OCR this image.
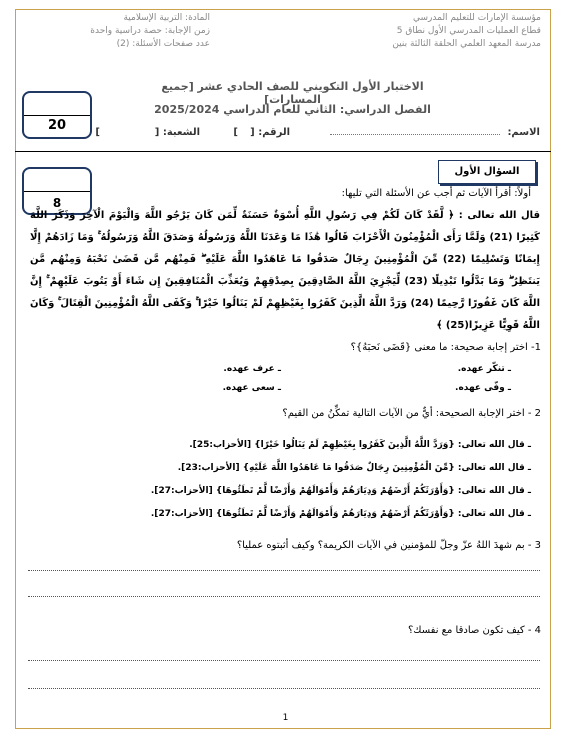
مؤسسة الإمارات للتعليم المدرسي
قطاع العمليات المدرسي الأول نطاق 5
مدرسة المعهد العلمي الحلقة الثالثة بنين
المادة: التربية الإسلامية
زمن الإجابة: حصة دراسية واحدة
عدد صفحات الأسئلة: (2)
الاختبار الأول التكويني للصف الحادي عشر [جميع المسارات]
الفصل الدراسي: الثاني للعام الدراسي 2025/2024
20	الاسم:
الرقم: [
]
الشعبة: [
]
السؤال الأول
8
أولاً: أقرأ الآيات ثم أجب عن الأسئلة التي تليها:
قال الله تعالى : ﴿ لَّقَدْ كَانَ لَكُمْ فِي رَسُولِ اللَّهِ أُسْوَةٌ حَسَنَةٌ لِّمَن كَانَ يَرْجُو اللَّهَ وَالْيَوْمَ الْآخِرَ وَذَكَرَ اللَّهَ كَثِيرًا (21) وَلَمَّا رَأَى الْمُؤْمِنُونَ الْأَحْزَابَ قَالُوا هَٰذَا مَا وَعَدَنَا اللَّهُ وَرَسُولُهُ وَصَدَقَ اللَّهُ وَرَسُولُهُ ۚ وَمَا زَادَهُمْ إِلَّا إِيمَانًا وَتَسْلِيمًا (22) مِّنَ الْمُؤْمِنِينَ رِجَالٌ صَدَقُوا مَا عَاهَدُوا اللَّهَ عَلَيْهِ ۖ فَمِنْهُم مَّن قَضَىٰ نَحْبَهُ وَمِنْهُم مَّن يَنتَظِرُ ۖ وَمَا بَدَّلُوا تَبْدِيلًا (23) لِّيَجْزِيَ اللَّهُ الصَّادِقِينَ بِصِدْقِهِمْ وَيُعَذِّبَ الْمُنَافِقِينَ إِن شَاءَ أَوْ يَتُوبَ عَلَيْهِمْ ۚ إِنَّ اللَّهَ كَانَ غَفُورًا رَّحِيمًا (24) وَرَدَّ اللَّهُ الَّذِينَ كَفَرُوا بِغَيْظِهِمْ لَمْ يَنَالُوا خَيْرًا ۚ وَكَفَى اللَّهُ الْمُؤْمِنِينَ الْقِتَالَ ۚ وَكَانَ اللَّهُ قَوِيًّا عَزِيزًا(25) ﴾
1- اختر إجابة صحيحة: ما معنى {قَضَى نَحبَهُ}؟
ـ تنكّر عهده.
ـ عرف عهده.
ـ وفّى عهده.
ـ سعى عهده.
2 - اختر الإجابة الصحيحة: أيٌّ من الآيات التالية تمكِّنُ من القيم؟
ـ قال الله تعالى: {وَرَدَّ اللَّهُ الَّذِينَ كَفَرُوا بِغَيْظِهِمْ لَمْ يَنَالُوا خَيْرًا} [الأحزاب:25].
ـ قال الله تعالى: {مِّنَ الْمُؤْمِنِينَ رِجَالٌ صَدَقُوا مَا عَاهَدُوا اللَّهَ عَلَيْهِ} [الأحزاب:23].
ـ قال الله تعالى: {وَأَوْرَثَكُمْ أَرْضَهُمْ وَدِيَارَهُمْ وَأَمْوَالَهُمْ وَأَرْضًا لَّمْ تَطَئُوهَا} [الأحزاب:27].
ـ قال الله تعالى: {وَأَوْرَثَكُمْ أَرْضَهُمْ وَدِيَارَهُمْ وَأَمْوَالَهُمْ وَأَرْضًا لَّمْ تَطَئُوهَا} [الأحزاب:27].
3 - بم شهدَ اللهُ عزّ وجلّ للمؤمنين في الآيات الكريمة؟ وكيف أثبتوه عمليا؟
4 - كيف تكون صادقا مع نفسك؟
1
